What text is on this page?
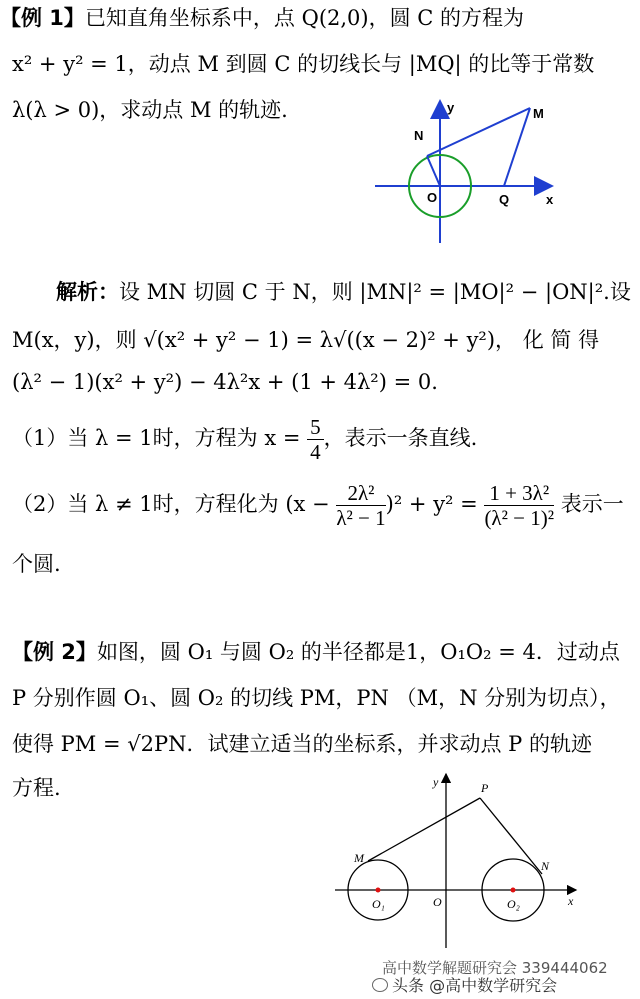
【例 1】已知直角坐标系中，点 Q(2,0)，圆 C 的方程为
x² + y² = 1，动点 M 到圆 C 的切线长与 |MQ| 的比等于常数
λ(λ > 0)，求动点 M 的轨迹.	y	M
N
O	Q	x
解析：设 MN 切圆 C 于 N，则 |MN|² = |MO|² − |ON|².设
M(x，y)，则 √(x² + y² − 1) = λ√((x − 2)² + y²)， 化 简 得
(λ² − 1)(x² + y²) − 4λ²x + (1 + 4λ²) = 0.
（1）当 λ = 1时，方程为 $x = \frac{5}{4}$ ，表示一条直线.
（2）当 λ ≠ 1时，方程化为 $(x - \frac{\text{2λ²}}{\text{λ² − 1}} )^2 + y^2 = \frac{\text{1 + 3λ²}}{\text{(λ² − 1)²}}$ 表示一
个圆.
【例 2】如图，圆 O₁ 与圆 O₂ 的半径都是1，O₁O₂ = 4．过动点
P 分别作圆 O₁、圆 O₂ 的切线 PM，PN （M，N 分别为切点），
使得 PM = √2PN．试建立适当的坐标系，并求动点 P 的轨迹
方程.	y	P
M
N
O₁	O	O₂	x
高中数学解题研究会 339444062
头条 @高中数学研究会
